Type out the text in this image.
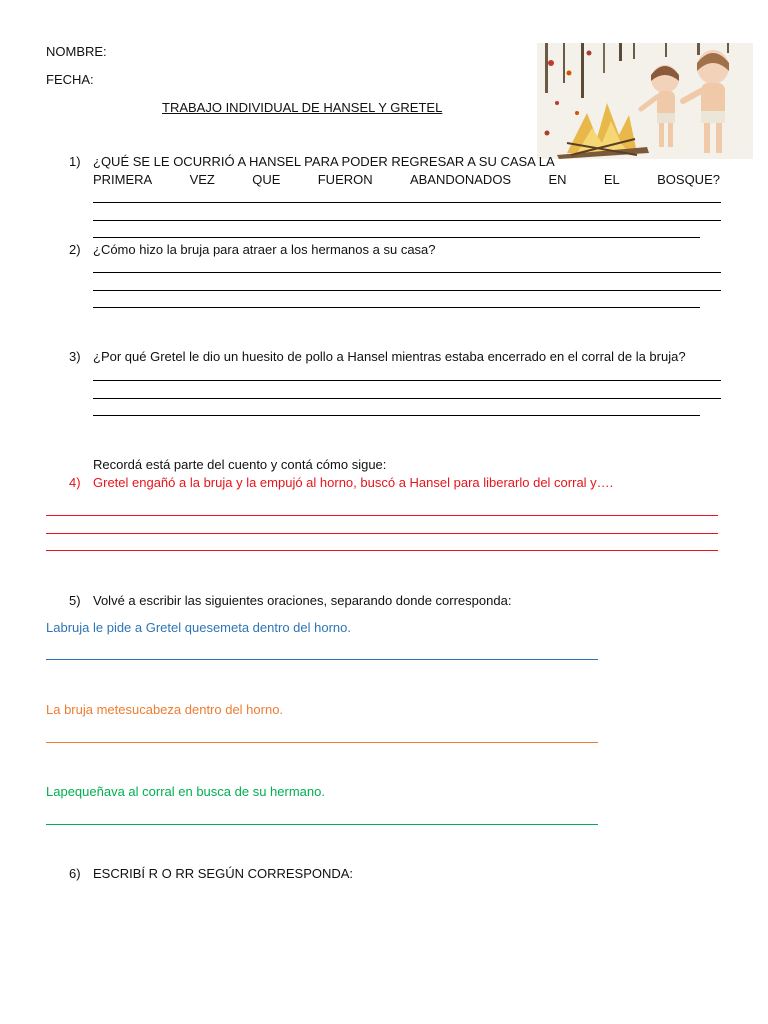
NOMBRE:
FECHA:
TRABAJO INDIVIDUAL DE HANSEL Y GRETEL
1) ¿QUÉ SE LE OCURRIÓ A HANSEL PARA PODER REGRESAR A SU CASA LA
PRIMERA	VEZ	QUE	FUERON	ABANDONADOS	EN	EL	BOSQUE?
2) ¿Cómo hizo la bruja para atraer a los hermanos a su casa?
3) ¿Por qué Gretel le dio un huesito de pollo a Hansel mientras estaba encerrado en el corral de la bruja?
Recordá está parte del cuento y contá cómo sigue:
4) Gretel engañó a la bruja y la empujó al horno, buscó a Hansel para liberarlo del corral y….
5) Volvé a escribir las siguientes oraciones, separando donde corresponda:
Labruja le pide a Gretel quesemeta dentro del horno.
La bruja metesucabeza dentro del horno.
Lapequeñava al corral en busca de su hermano.
6) ESCRIBÍ R O RR SEGÚN CORRESPONDA:
